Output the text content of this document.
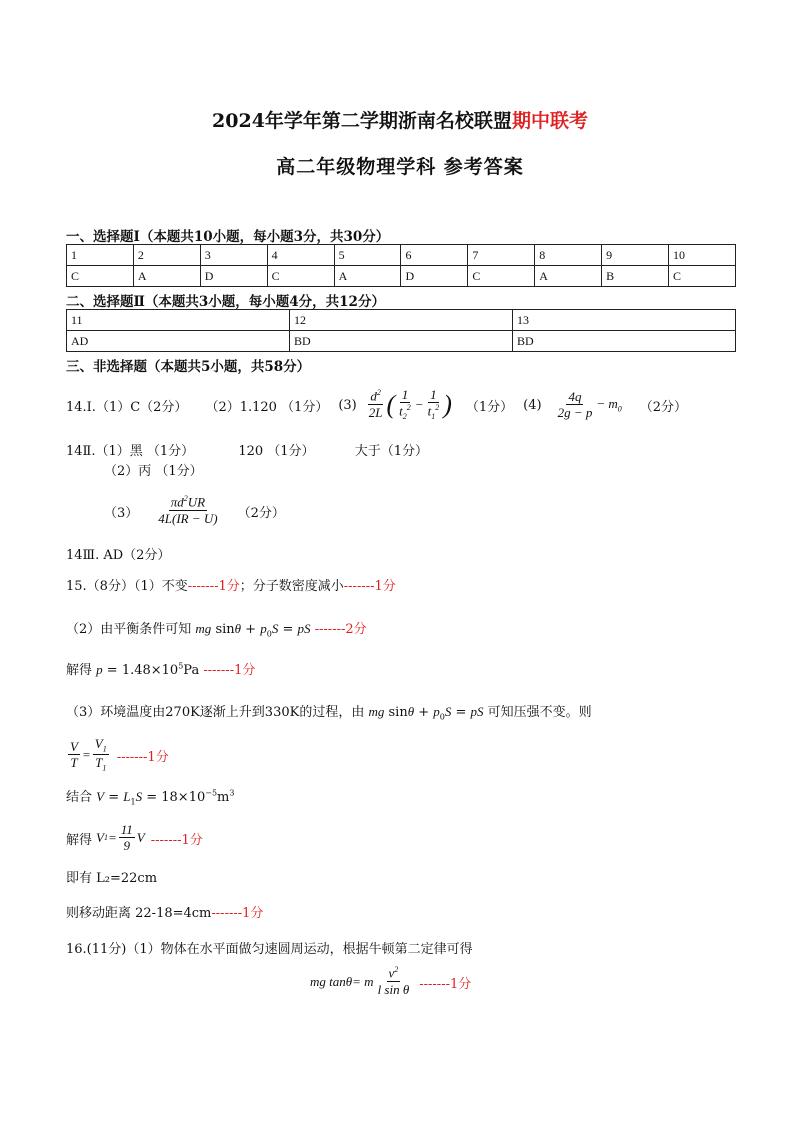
2024年学年第二学期浙南名校联盟期中联考
高二年级物理学科 参考答案
一、选择题Ⅰ（本题共10小题，每小题3分，共30分）
1	2	3	4	5	6	7	8	9	10
C	A	D	C	A	D	C	A	B	C
二、选择题Ⅱ（本题共3小题，每小题4分，共12分）
11	12	13
AD	BD	BD
三、非选择题（本题共5小题，共58分）
14.Ⅰ.（1）C（2分） （2）1.120 （1分） $(3) \frac{d^2}{2L}$ ( $\frac{1}{t_2^2} - \frac{1}{t_1^2}$ ) （1分） $(4) \frac{4q}{2g - p} - m_0$ （2分）
14Ⅱ.（1）黑 （1分）	120 （1分）	大于（1分）
（2）丙 （1分）
$(3) \frac{\pi d^2UR}{4L(IR - U)} (2$分）
14Ⅲ. AD（2分）
15.（8分）（1）不变-------1分；分子数密度减小-------1分
（2）由平衡条件可知 mg $\sin\theta + p_0S$ = pS -------2分
解得 $p = 1.48\times 10^5Pa$ -------1分
（3）环境温度由270K逐渐上升到330K的过程，由 mg $\sin\theta + p_0S$ = pS 可知压强不变。则
$\frac{V}{T} = \frac{V_1}{T_1} -------1$分
结合 $V = L_1S = 18\times 10^{-5}m^3$
解得 V $1 = \frac{11}{9}$ V -------1分
即有 L₂=22cm
则移动距离 22-18=4cm-------1分
16.(11分)（1）物体在水平面做匀速圆周运动，根据牛顿第二定律可得
mg tan θ = m $\frac{v^2}{\text{l sin θ}} -------1$分
